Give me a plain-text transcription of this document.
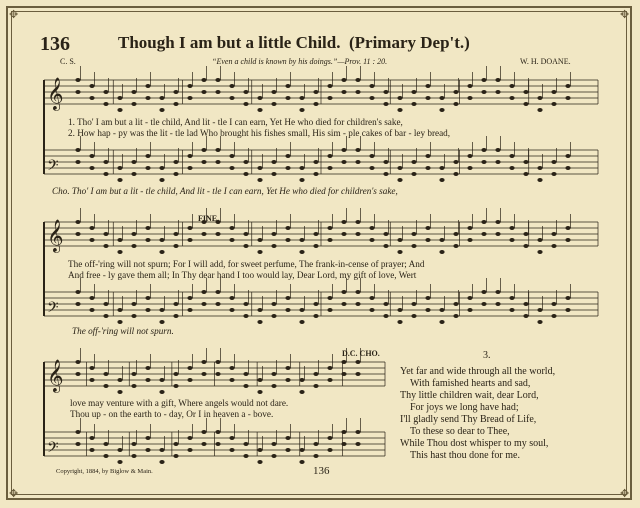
✥	✥
✥	✥
136	Though I am but a little Child. (Primary Dep't.)
C. S.	“Even a child is known by his doings.”—Prov. 11 : 20.	W. H. DOANE.
𝄞
𝄢
𝄞
𝄢
𝄞
𝄢
1. Tho' I am but a lit - tle child, And lit - tle I can earn, Yet He who died for children's sake,
2. How hap - py was the lit - tle lad Who brought his fishes small, His sim - ple cakes of bar - ley bread,
Cho. Tho' I am but a lit - tle child, And lit - tle I can earn, Yet He who died for children's sake,
FINE.
The off-'ring will not spurn; For I will add, for sweet perfume, The frank-in-cense of prayer; And
And free - ly gave them all; In Thy dear hand I too would lay, Dear Lord, my gift of love, Wert
The off-'ring will not spurn.
D.C. CHO.
love may venture with a gift, Where angels would not dare.
Thou up - on the earth to - day, Or I in heaven a - bove.
3.
Yet far and wide through all the world,
With famished hearts and sad,
Thy little children wait, dear Lord,
For joys we long have had;
I'll gladly send Thy Bread of Life,
To these so dear to Thee,
While Thou dost whisper to my soul,
This hast thou done for me.
Copyright, 1884, by Biglow & Main.	136
